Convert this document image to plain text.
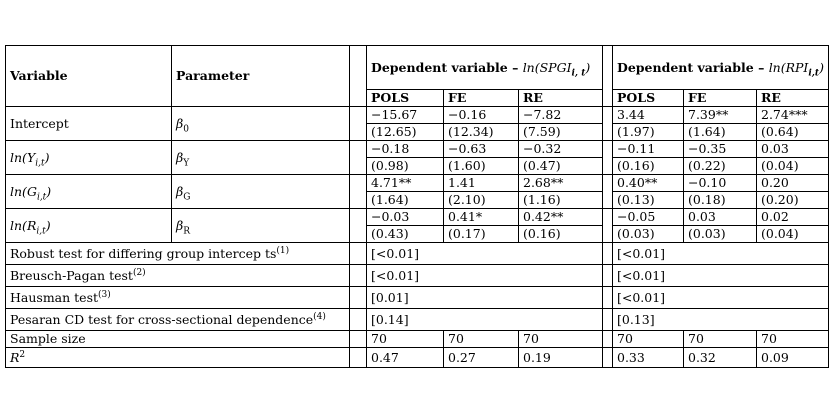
Variable	Parameter		Dependent variable – $\ln(SPGI_{i, t})$				Dependent variable – $\ln(RPI_{i,t})$		
			POLS	FE	RE		POLS	FE	RE
Intercept	$\beta_0$		−15.67	−0.16	−7.82		3.44	7.39**	2.74***
			(12.65)	(12.34)	(7.59)		(1.97)	(1.64)	(0.64)
$\ln(Y_{i,t})$	$\beta_Y$		−0.18	−0.63	−0.32		−0.11	−0.35	0.03
			(0.98)	(1.60)	(0.47)		(0.16)	(0.22)	(0.04)
$\ln(G_{i,t})$	$\beta_G$		4.71**	1.41	2.68**		0.40**	−0.10	0.20
			(1.64)	(2.10)	(1.16)		(0.13)	(0.18)	(0.20)
$\ln(R_{i,t})$	$\beta_R$		−0.03	0.41*	0.42**		−0.05	0.03	0.02
			(0.43)	(0.17)	(0.16)		(0.03)	(0.03)	(0.04)
Robust test for differing group intercep $ts^{(1)}$			[<0.01]				[<0.01]		
Breusch-Pagan test$^{(2)}$			[<0.01]				[<0.01]		
Hausman test$^{(3)}$			[0.01]				[<0.01]		
Pesaran CD test for cross-sectional dependence$^{(4)}$			[0.14]				[0.13]		
Sample size			70	70	70		70	70	70
$R^2$			0.47	0.27	0.19		0.33	0.32	0.09
